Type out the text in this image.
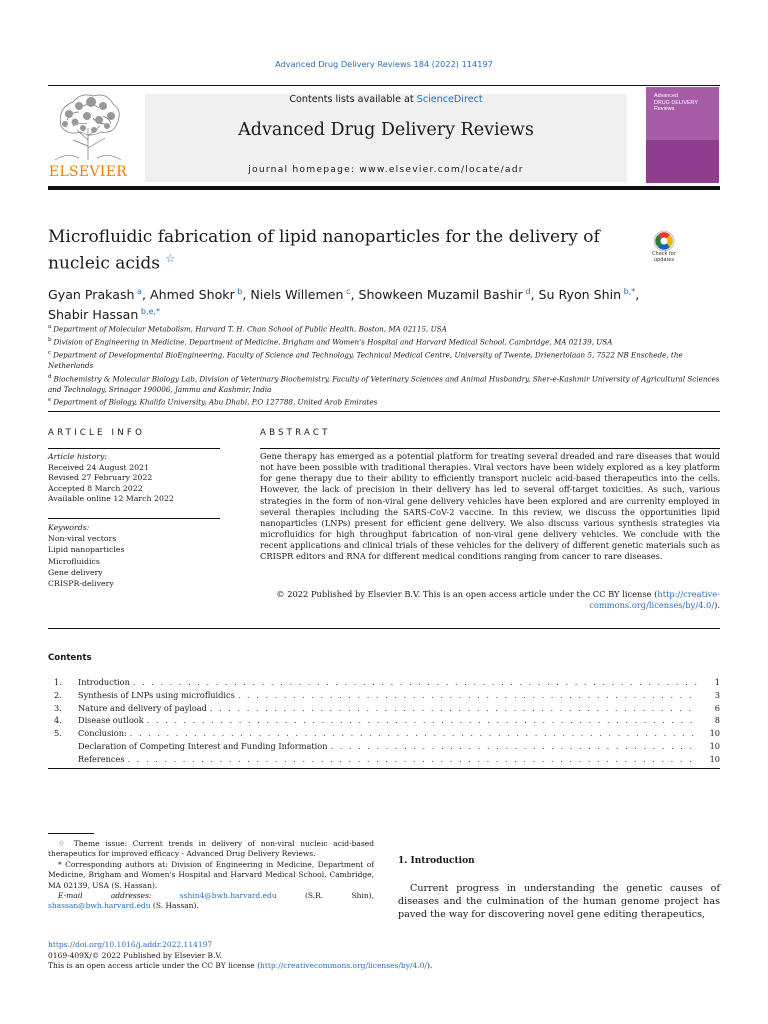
Advanced Drug Delivery Reviews 184 (2022) 114197
ELSEVIER
Contents lists available at ScienceDirect
Advanced Drug Delivery Reviews
journal homepage: www.elsevier.com/locate/adr
Advanced
DRUG DELIVERY
Reviews
Microfluidic fabrication of lipid nanoparticles for the delivery of nucleic acids ☆	Check for updates
Gyan Prakash $^a$, Ahmed Shokr $^b$, Niels Willemen $^c$, Showkeen Muzamil Bashir $^d$, Su Ryon Shin $^{b,*}$,
Shabir Hassan $^{b,e,*}$
$^a$ Department of Molecular Metabolism, Harvard T. H. Chan School of Public Health, Boston, MA 02115, USA
$^b$ Division of Engineering in Medicine, Department of Medicine, Brigham and Women's Hospital and Harvard Medical School, Cambridge, MA 02139, USA
$^c$ Department of Developmental BioEngineering, Faculty of Science and Technology, Technical Medical Centre, University of Twente, Drienerlolaan 5, 7522 NB Enschede, the Netherlands
$^d$ Biochemistry & Molecular Biology Lab, Division of Veterinary Biochemistry, Faculty of Veterinary Sciences and Animal Husbandry, Sher-e-Kashmir University of Agricultural Sciences and Technology, Srinagar 190006, Jammu and Kashmir, India
$^e$ Department of Biology, Khalifa University, Abu Dhabi, P.O 127788, United Arab Emirates
ARTICLE INFO	ABSTRACT
Article history:
Received 24 August 2021
Revised 27 February 2022
Accepted 8 March 2022
Available online 12 March 2022
Keywords:
Non-viral vectors
Lipid nanoparticles
Microfluidics
Gene delivery
CRISPR-delivery

Gene therapy has emerged as a potential platform for treating several dreaded and rare diseases that would not have been possible with traditional therapies. Viral vectors have been widely explored as a key platform for gene therapy due to their ability to efficiently transport nucleic acid-based therapeutics into the cells. However, the lack of precision in their delivery has led to several off-target toxicities. As such, various strategies in the form of non-viral gene delivery vehicles have been explored and are currenlty employed in several therapies including the SARS-CoV-2 vaccine. In this review, we discuss the opportunities lipid nanoparticles (LNPs) present for efficient gene delivery. We also discuss various synthesis strategies via microfluidics for high throughput fabrication of non-viral gene delivery vehicles. We conclude with the recent applications and clinical trials of these vehicles for the delivery of different genetic materials such as CRISPR editors and RNA for different medical conditions ranging from cancer to rare diseases.

© 2022 Published by Elsevier B.V. This is an open access article under the CC BY license (http://creative-
commons.org/licenses/by/4.0/).
Contents
1.	Introduction . . .	1
2.	Synthesis of LNPs using microfluidics . . .	3
3.	Nature and delivery of payload . . .	6
4.	Disease outlook . . .	8
5.	Conclusion: . . .	10
Declaration of Competing Interest and Funding Information . . .	10
References . . .	10
☆ Theme issue: Current trends in delivery of non-viral nucleic acid-based therapeutics for improved efficacy - Advanced Drug Delivery Reviews.
* Corresponding authors at: Division of Engineering in Medicine, Department of Medicine, Brigham and Women's Hospital and Harvard Medical School, Cambridge, MA 02139, USA (S. Hassan).
E-mail addresses:	sshin4@bwh.harvard.edu (S.R. Shin), shassan@bwh.harvard.edu (S. Hassan).
https://doi.org/10.1016/j.addr.2022.114197
0169-409X/© 2022 Published by Elsevier B.V.
This is an open access article under the CC BY license (http://creativecommons.org/licenses/by/4.0/).
1. Introduction

Current progress in understanding the genetic causes of diseases and the culmination of the human genome project has paved the way for discovering novel gene editing therapeutics,
